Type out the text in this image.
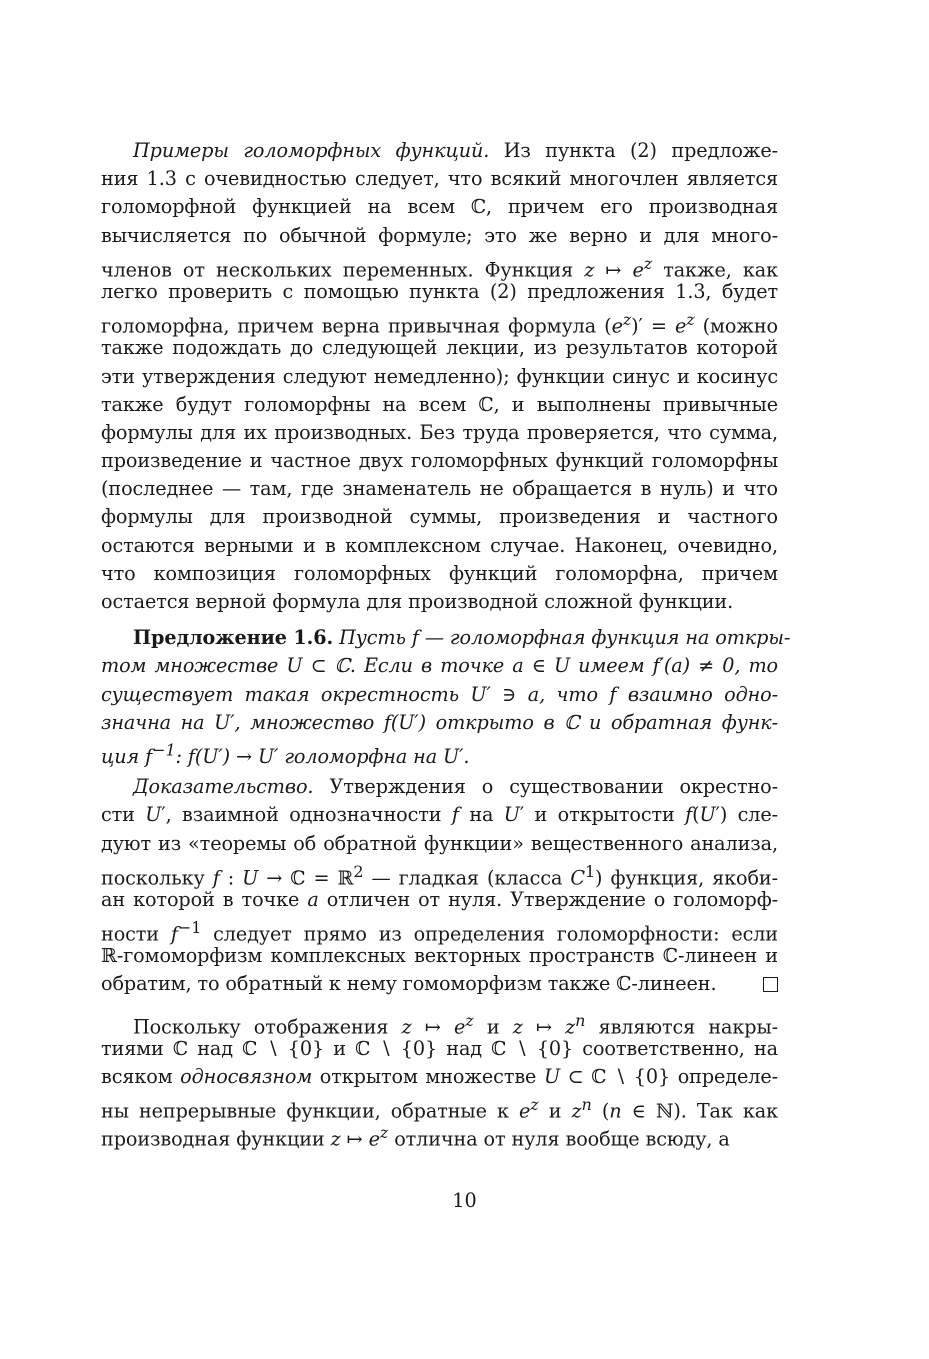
Примеры голоморфных функций. Из пункта (2) предложе-
ния 1.3 с очевидностью следует, что всякий многочлен является
голоморфной функцией на всем ℂ, причем его производная
вычисляется по обычной формуле; это же верно и для много-
членов от нескольких переменных. Функция z ↦ $e^z$ также, как
легко проверить с помощью пункта (2) предложения 1.3, будет
голоморфна, причем верна привычная формула $(e^z)' = e^z$ (можно
также подождать до следующей лекции, из результатов которой
эти утверждения следуют немедленно); функции синус и косинус
также будут голоморфны на всем ℂ, и выполнены привычные
формулы для их производных. Без труда проверяется, что сумма,
произведение и частное двух голоморфных функций голоморфны
(последнее — там, где знаменатель не обращается в нуль) и что
формулы для производной суммы, произведения и частного
остаются верными и в комплексном случае. Наконец, очевидно,
что композиция голоморфных функций голоморфна, причем
остается верной формула для производной сложной функции.
Предложение 1.6. Пусть f — голоморфная функция на откры-
том множестве U ⊂ ℂ. Если в точке a ∈ U имеем f′(a) ≠ 0, то
существует такая окрестность U′ ∋ a, что f взаимно одно-
значна на U′, множество f(U′) открыто в ℂ и обратная функ-
ция $f^{-1}$: f(U′) → U′ голоморфна на U′.
Доказательство. Утверждения о существовании окрестно-
сти U′, взаимной однозначности f на U′ и открытости f(U′) сле-
дуют из «теоремы об обратной функции» вещественного анализа,
поскольку f : U → ℂ = ℝ$^2$ — гладкая (класса $C^1$) функция, якоби-
ан которой в точке a отличен от нуля. Утверждение о голоморф-
ности $f^{-1}$ следует прямо из определения голоморфности: если
ℝ-гомоморфизм комплексных векторных пространств ℂ-линеен и
обратим, то обратный к нему гомоморфизм также ℂ-линеен.
Поскольку отображения z ↦ $e^z$ и z ↦ $z^n$ являются накры-
тиями ℂ над ℂ ∖ {0} и ℂ ∖ {0} над ℂ ∖ {0} соответственно, на
всяком односвязном открытом множестве U ⊂ ℂ ∖ {0} определе-
ны непрерывные функции, обратные к $e^z$ и $z^n$ (n ∈ ℕ). Так как
производная функции z ↦ $e^z$ отлична от нуля вообще всюду, а
10
